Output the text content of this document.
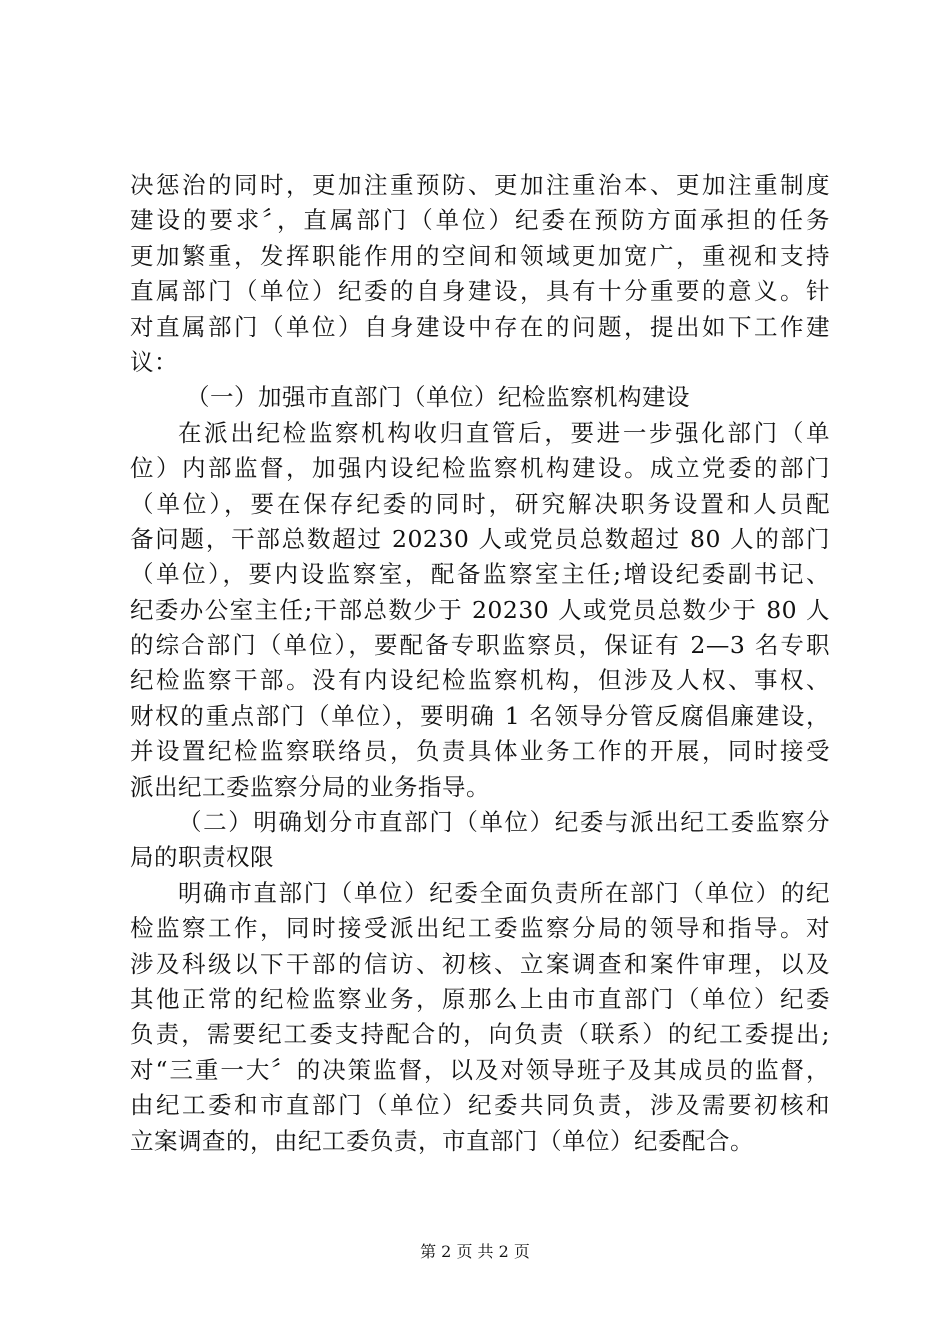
决惩治的同时，更加注重预防、更加注重治本、更加注重制度
建设的要求〞，直属部门（单位）纪委在预防方面承担的任务
更加繁重，发挥职能作用的空间和领域更加宽广，重视和支持
直属部门（单位）纪委的自身建设，具有十分重要的意义。针
对直属部门（单位）自身建设中存在的问题，提出如下工作建
议：
（一）加强市直部门（单位）纪检监察机构建设
在派出纪检监察机构收归直管后，要进一步强化部门（单
位）内部监督，加强内设纪检监察机构建设。成立党委的部门
（单位），要在保存纪委的同时，研究解决职务设置和人员配
备问题，干部总数超过 20230 人或党员总数超过 80 人的部门
（单位），要内设监察室，配备监察室主任;增设纪委副书记、
纪委办公室主任;干部总数少于 20230 人或党员总数少于 80 人
的综合部门（单位），要配备专职监察员，保证有 2—3 名专职
纪检监察干部。没有内设纪检监察机构，但涉及人权、事权、
财权的重点部门（单位），要明确 1 名领导分管反腐倡廉建设，
并设置纪检监察联络员，负责具体业务工作的开展，同时接受
派出纪工委监察分局的业务指导。
（二）明确划分市直部门（单位）纪委与派出纪工委监察分
局的职责权限
明确市直部门（单位）纪委全面负责所在部门（单位）的纪
检监察工作，同时接受派出纪工委监察分局的领导和指导。对
涉及科级以下干部的信访、初核、立案调查和案件审理，以及
其他正常的纪检监察业务，原那么上由市直部门（单位）纪委
负责，需要纪工委支持配合的，向负责（联系）的纪工委提出;
对“三重一大〞的决策监督，以及对领导班子及其成员的监督，
由纪工委和市直部门（单位）纪委共同负责，涉及需要初核和
立案调查的，由纪工委负责，市直部门（单位）纪委配合。
第 2 页 共 2 页
